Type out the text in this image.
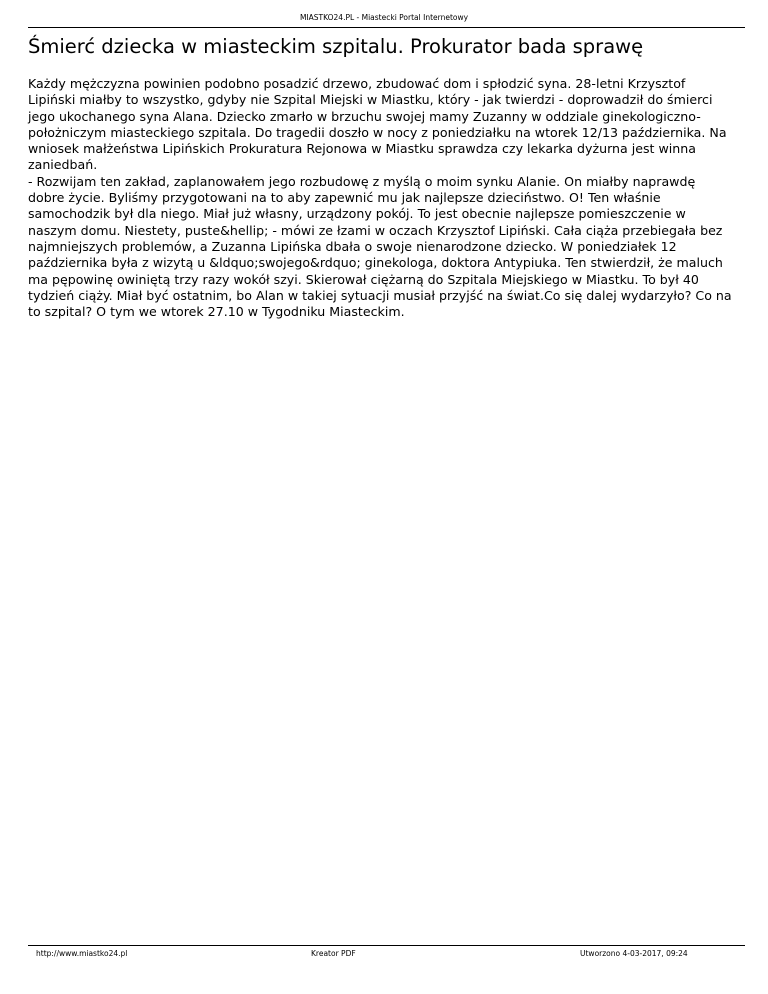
MIASTKO24.PL - Miastecki Portal Internetowy
Śmierć dziecka w miasteckim szpitalu. Prokurator bada sprawę

Każdy mężczyzna powinien podobno posadzić drzewo, zbudować dom i spłodzić syna. 28-letni Krzysztof Lipiński miałby to wszystko, gdyby nie Szpital Miejski w Miastku, który - jak twierdzi - doprowadził do śmierci jego ukochanego syna Alana. Dziecko zmarło w brzuchu swojej mamy Zuzanny w oddziale ginekologiczno-położniczym miasteckiego szpitala. Do tragedii doszło w nocy z poniedziałku na wtorek 12/13 października. Na wniosek małżeństwa Lipińskich Prokuratura Rejonowa w Miastku sprawdza czy lekarka dyżurna jest winna zaniedbań.

- Rozwijam ten zakład, zaplanowałem jego rozbudowę z myślą o moim synku Alanie. On miałby naprawdę dobre życie. Byliśmy przygotowani na to aby zapewnić mu jak najlepsze dzieciństwo. O! Ten właśnie samochodzik był dla niego. Miał już własny, urządzony pokój. To jest obecnie najlepsze pomieszczenie w naszym domu. Niestety, puste&hellip; - mówi ze łzami w oczach Krzysztof Lipiński. Cała ciąża przebiegała bez najmniejszych problemów, a Zuzanna Lipińska dbała o swoje nienarodzone dziecko. W poniedziałek 12 października była z wizytą u &ldquo;swojego&rdquo; ginekologa, doktora Antypiuka. Ten stwierdził, że maluch ma pępowinę owiniętą trzy razy wokół szyi. Skierował ciężarną do Szpitala Miejskiego w Miastku. To był 40 tydzień ciąży. Miał być ostatnim, bo Alan w takiej sytuacji musiał przyjść na świat.Co się dalej wydarzyło? Co na to szpital? O tym we wtorek 27.10 w Tygodniku Miasteckim.

http://www.miastko24.pl	Kreator PDF	Utworzono 4-03-2017, 09:24
